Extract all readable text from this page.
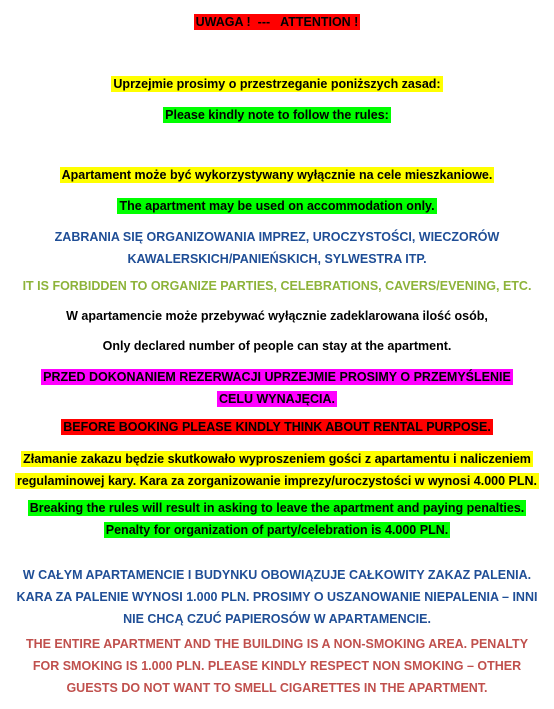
UWAGA !  ---   ATTENTION !
Uprzejmie prosimy o przestrzeganie poniższych zasad:
Please kindly note to follow the rules:
Apartament może być wykorzystywany wyłącznie na cele mieszkaniowe.
The apartment may be used on accommodation only.
ZABRANIA SIĘ ORGANIZOWANIA IMPREZ, UROCZYSTOŚCI, WIECZORÓW KAWALERSKICH/PANIEŃSKICH, SYLWESTRA ITP.
IT IS FORBIDDEN TO ORGANIZE PARTIES, CELEBRATIONS, CAVERS/EVENING, ETC.
W apartamencie może przebywać wyłącznie zadeklarowana ilość osób,
Only declared number of people can stay at the apartment.
PRZED DOKONANIEM REZERWACJI UPRZEJMIE PROSIMY O PRZEMYŚLENIE CELU WYNAJĘCIA.
BEFORE BOOKING PLEASE KINDLY THINK ABOUT RENTAL PURPOSE.
Złamanie zakazu będzie skutkowało wyproszeniem gości z apartamentu i naliczeniem regulaminowej kary. Kara za zorganizowanie imprezy/uroczystości w wynosi 4.000 PLN.
Breaking the rules will result in asking to leave the apartment and paying penalties. Penalty for organization of party/celebration is 4.000 PLN.
W CAŁYM APARTAMENCIE I BUDYNKU OBOWIĄZUJE CAŁKOWITY ZAKAZ PALENIA. KARA ZA PALENIE WYNOSI 1.000 PLN. PROSIMY O USZANOWANIE NIEPALENIA – INNI NIE CHCĄ CZUĆ PAPIEROSÓW W APARTAMENCIE.
THE ENTIRE APARTMENT AND THE BUILDING IS A NON-SMOKING AREA. PENALTY FOR SMOKING IS 1.000 PLN. PLEASE KINDLY RESPECT NON SMOKING – OTHER GUESTS DO NOT WANT TO SMELL CIGARETTES IN THE APARTMENT.
